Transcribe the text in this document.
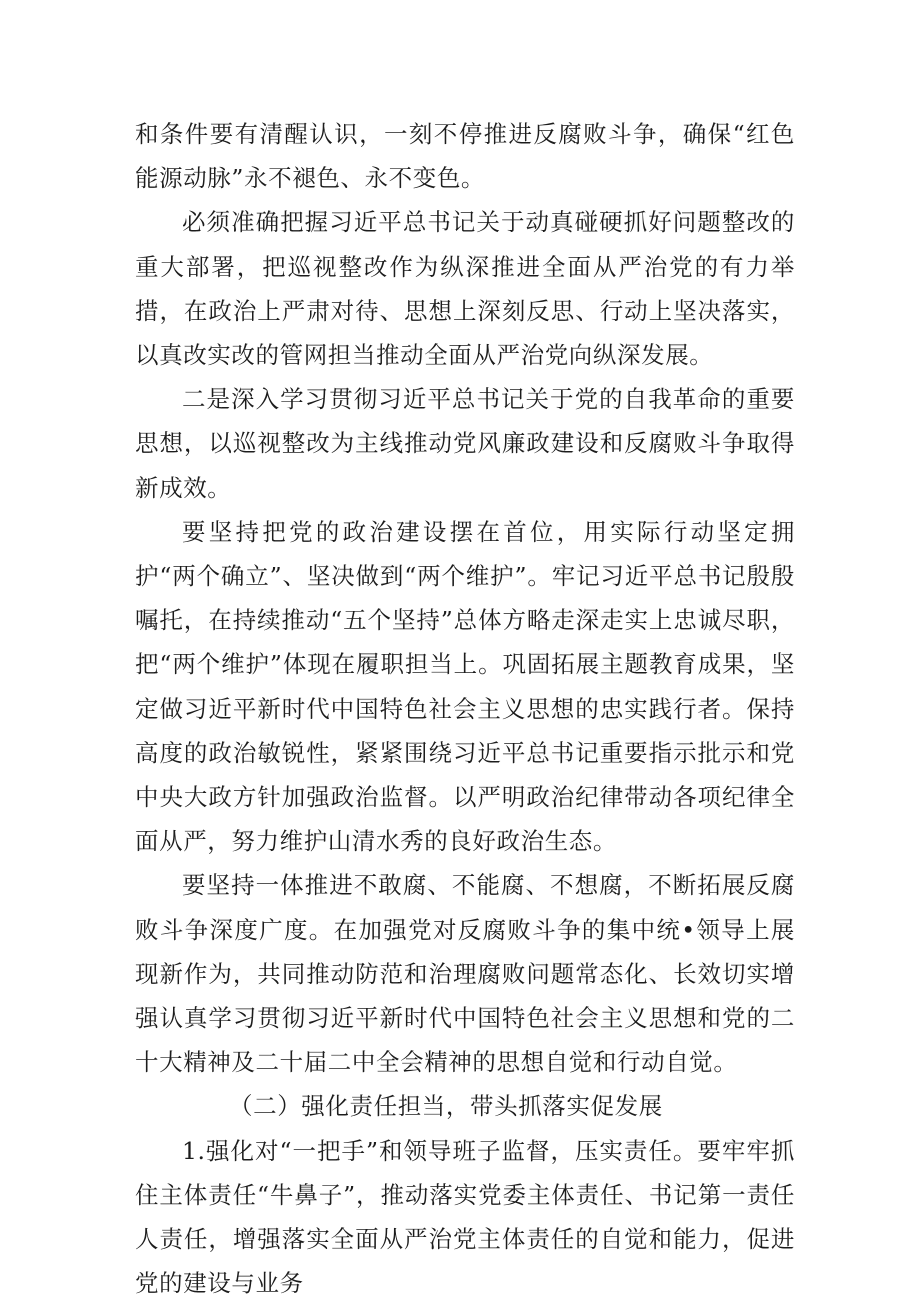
和条件要有清醒认识，一刻不停推进反腐败斗争，确保“红色能源动脉”永不褪色、永不变色。

必须准确把握习近平总书记关于动真碰硬抓好问题整改的重大部署，把巡视整改作为纵深推进全面从严治党的有力举措，在政治上严肃对待、思想上深刻反思、行动上坚决落实，以真改实改的管网担当推动全面从严治党向纵深发展。

二是深入学习贯彻习近平总书记关于党的自我革命的重要思想，以巡视整改为主线推动党风廉政建设和反腐败斗争取得新成效。

要坚持把党的政治建设摆在首位，用实际行动坚定拥护“两个确立”、坚决做到“两个维护”。牢记习近平总书记殷殷嘱托，在持续推动“五个坚持”总体方略走深走实上忠诚尽职，把“两个维护”体现在履职担当上。巩固拓展主题教育成果，坚定做习近平新时代中国特色社会主义思想的忠实践行者。保持高度的政治敏锐性，紧紧围绕习近平总书记重要指示批示和党中央大政方针加强政治监督。以严明政治纪律带动各项纪律全面从严，努力维护山清水秀的良好政治生态。

要坚持一体推进不敢腐、不能腐、不想腐，不断拓展反腐败斗争深度广度。在加强党对反腐败斗争的集中统•领导上展现新作为，共同推动防范和治理腐败问题常态化、长效切实增强认真学习贯彻习近平新时代中国特色社会主义思想和党的二十大精神及二十届二中全会精神的思想自觉和行动自觉。

（二）强化责任担当，带头抓落实促发展

1.强化对“一把手”和领导班子监督，压实责任。要牢牢抓住主体责任“牛鼻子”，推动落实党委主体责任、书记第一责任人责任，增强落实全面从严治党主体责任的自觉和能力，促进党的建设与业务
